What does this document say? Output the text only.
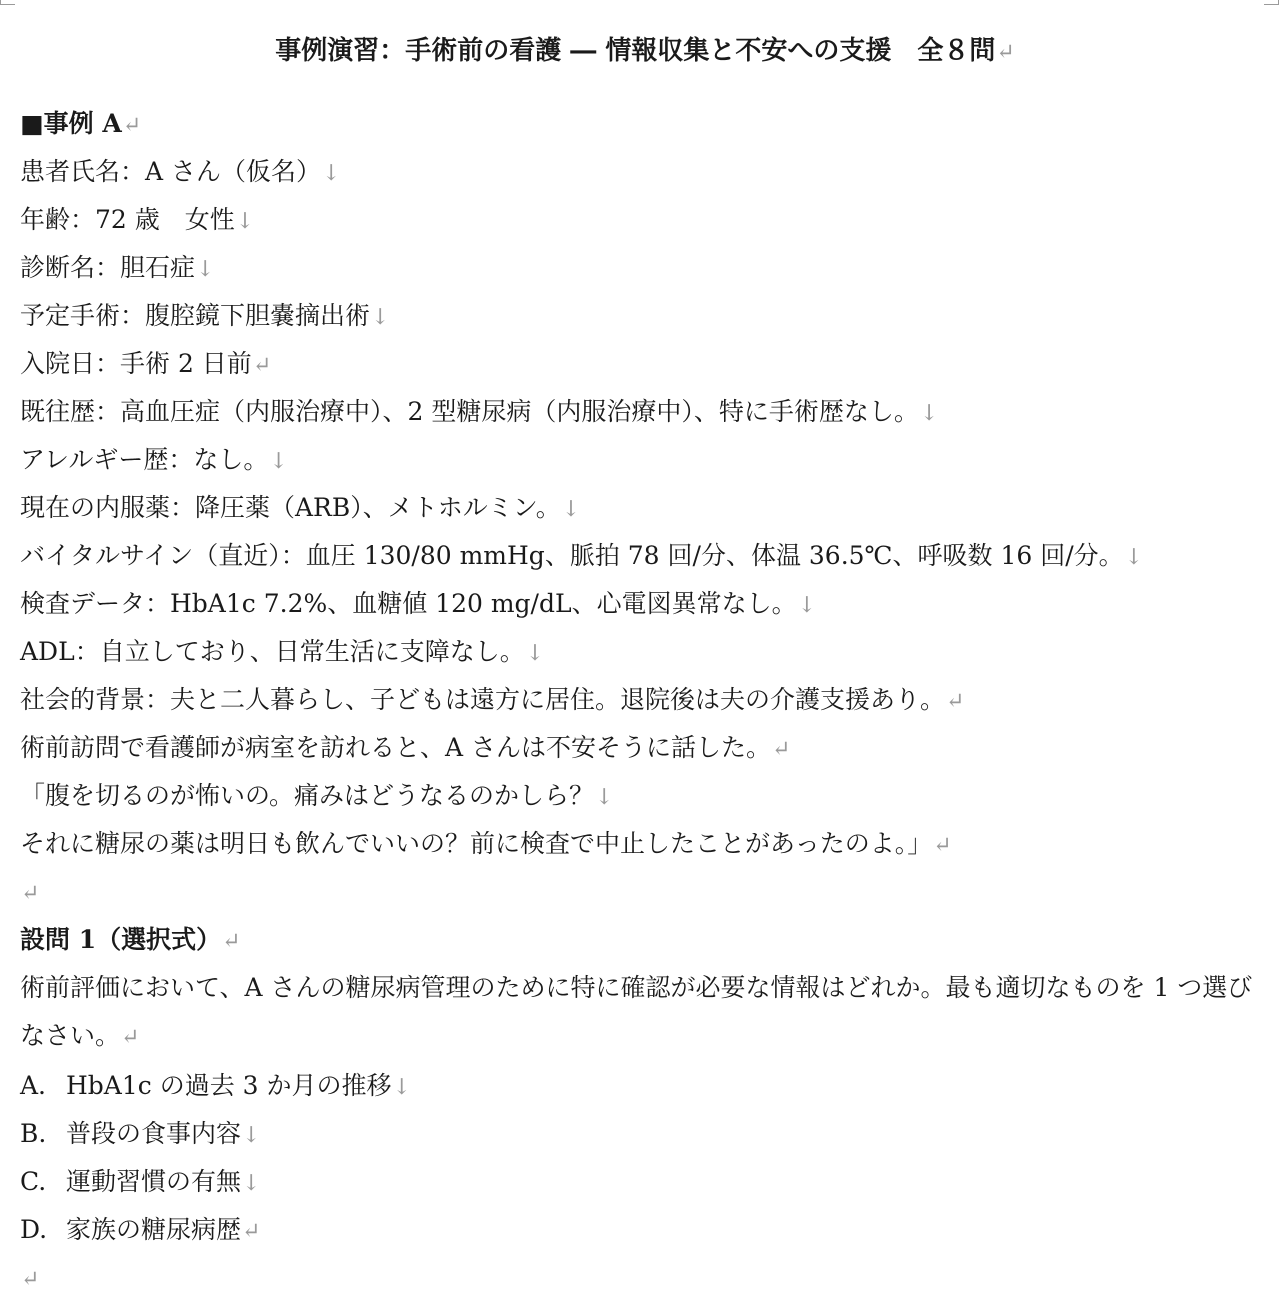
事例演習：手術前の看護 ― 情報収集と不安への支援　全８問↵
■事例 A↵
患者氏名：A さん（仮名）↓
年齢：72 歳　女性↓
診断名：胆石症↓
予定手術：腹腔鏡下胆嚢摘出術↓
入院日：手術 2 日前↵
既往歴：高血圧症（内服治療中）、2 型糖尿病（内服治療中）、特に手術歴なし。↓
アレルギー歴：なし。↓
現在の内服薬：降圧薬（ARB）、メトホルミン。↓
バイタルサイン（直近）：血圧 130/80 mmHg、脈拍 78 回/分、体温 36.5℃、呼吸数 16 回/分。↓
検査データ：HbA1c 7.2%、血糖値 120 mg/dL、心電図異常なし。↓
ADL：自立しており、日常生活に支障なし。↓
社会的背景：夫と二人暮らし、子どもは遠方に居住。退院後は夫の介護支援あり。↵
術前訪問で看護師が病室を訪れると、A さんは不安そうに話した。↵
「腹を切るのが怖いの。痛みはどうなるのかしら？↓
それに糖尿の薬は明日も飲んでいいの？前に検査で中止したことがあったのよ。」↵
↵
設問 1（選択式）↵
術前評価において、A さんの糖尿病管理のために特に確認が必要な情報はどれか。最も適切なものを 1 つ選びなさい。↵
A. HbA1c の過去 3 か月の推移↓
B. 普段の食事内容↓
C. 運動習慣の有無↓
D. 家族の糖尿病歴↵
↵
